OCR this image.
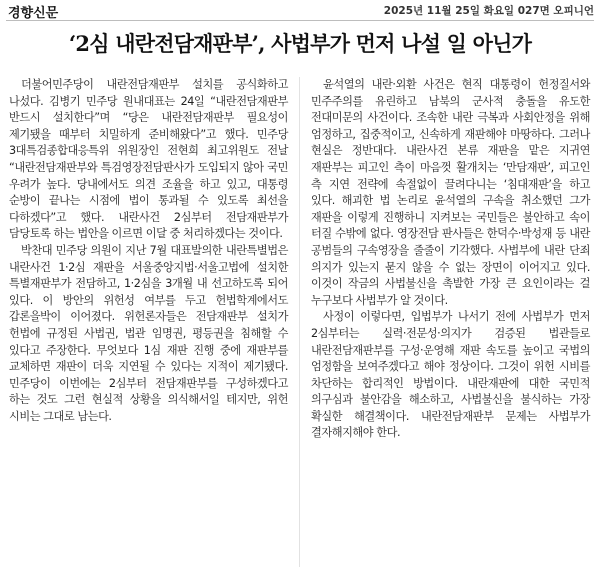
경향신문	2025년 11월 25일 화요일 027면 오피니언
‘2심 내란전담재판부’, 사법부가 먼저 나설 일 아닌가

더불어민주당이 내란전담재판부 설치를 공식화하고 나섰다. 김병기 민주당 원내대표는 24일 “내란전담재판부 반드시 설치한다”며 “당은 내란전담재판부 필요성이 제기됐을 때부터 치밀하게 준비해왔다”고 했다. 민주당 3대특검종합대응특위 위원장인 전현희 최고위원도 전날 “내란전담재판부와 특검영장전담판사가 도입되지 않아 국민 우려가 높다. 당내에서도 의견 조율을 하고 있고, 대통령 순방이 끝나는 시점에 법이 통과될 수 있도록 최선을 다하겠다”고 했다. 내란사건 2심부터 전담재판부가 담당토록 하는 법안을 이르면 이달 중 처리하겠다는 것이다.

박찬대 민주당 의원이 지난 7월 대표발의한 내란특별법은 내란사건 1·2심 재판을 서울중앙지법·서울고법에 설치한 특별재판부가 전담하고, 1·2심을 3개월 내 선고하도록 되어 있다. 이 방안의 위헌성 여부를 두고 헌법학계에서도 갑론을박이 이어졌다. 위헌론자들은 전담재판부 설치가 헌법에 규정된 사법권, 법관 임명권, 평등권을 침해할 수 있다고 주장한다. 무엇보다 1심 재판 진행 중에 재판부를 교체하면 재판이 더욱 지연될 수 있다는 지적이 제기됐다. 민주당이 이번에는 2심부터 전담재판부를 구성하겠다고 하는 것도 그런 현실적 상황을 의식해서일 테지만, 위헌 시비는 그대로 남는다.

윤석열의 내란·외환 사건은 현직 대통령이 헌정질서와 민주주의를 유린하고 남북의 군사적 충돌을 유도한 전대미문의 사건이다. 조속한 내란 극복과 사회안정을 위해 엄정하고, 집중적이고, 신속하게 재판해야 마땅하다. 그러나 현실은 정반대다. 내란사건 본류 재판을 맡은 지귀연 재판부는 피고인 측이 마음껏 활개치는 ‘만담재판’, 피고인 측 지연 전략에 속절없이 끌려다니는 ‘침대재판’을 하고 있다. 해괴한 법 논리로 윤석열의 구속을 취소했던 그가 재판을 이렇게 진행하니 지켜보는 국민들은 불안하고 속이 터질 수밖에 없다. 영장전담 판사들은 한덕수·박성재 등 내란 공범들의 구속영장을 줄줄이 기각했다. 사법부에 내란 단죄 의지가 있는지 묻지 않을 수 없는 장면이 이어지고 있다. 이것이 작금의 사법불신을 촉발한 가장 큰 요인이라는 걸 누구보다 사법부가 알 것이다.

사정이 이렇다면, 입법부가 나서기 전에 사법부가 먼저 2심부터는 실력·전문성·의지가 검증된 법관들로 내란전담재판부를 구성·운영해 재판 속도를 높이고 국법의 엄정함을 보여주겠다고 해야 정상이다. 그것이 위헌 시비를 차단하는 합리적인 방법이다. 내란재판에 대한 국민적 의구심과 불안감을 해소하고, 사법불신을 불식하는 가장 확실한 해결책이다. 내란전담재판부 문제는 사법부가 결자해지해야 한다.
